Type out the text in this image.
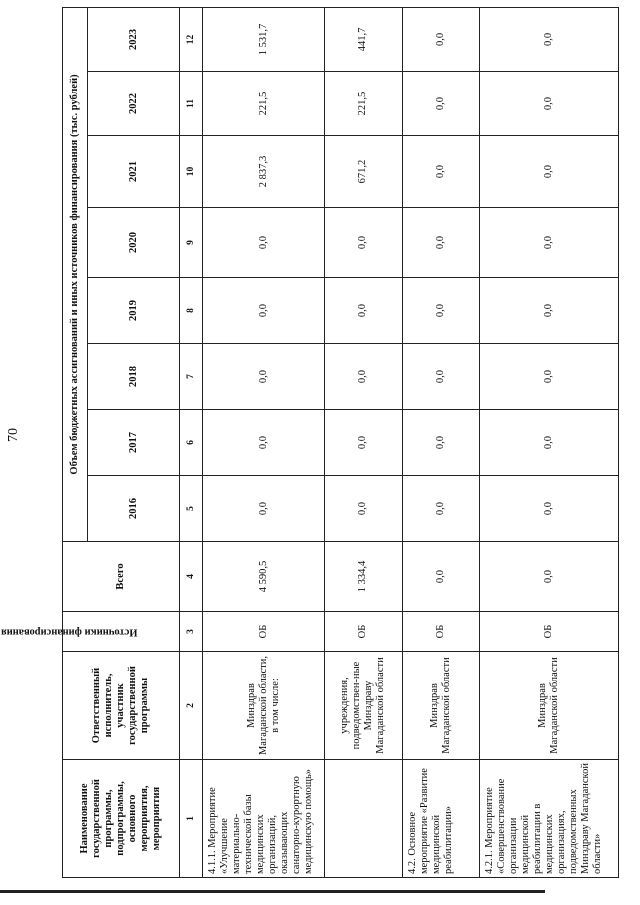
70
Наименование государственной программы, подпрограммы, основного мероприятия, мероприятия	Ответственный исполнитель, участник государственной программы	Источники финансирования	Всего	Объем бюджетных ассигнований и иных источников финансирования (тыс. рублей)							
				2016	2017	2018	2019	2020	2021	2022	2023
1	2	3	4	5	6	7	8	9	10	11	12
4.1.1. Мероприятие «Улучшение материально-технической базы медицинских организаций, оказывающих санаторно-курортную медицинскую помощь»	Минздрав Магаданской области, в том числе:	ОБ	4 590,5	0,0	0,0	0,0	0,0	0,0	2 837,3	221,5	1 531,7
	учреждения, подведомствен-ные Минздраву Магаданской области	ОБ	1 334,4	0,0	0,0	0,0	0,0	0,0	671,2	221,5	441,7
4.2. Основное мероприятие «Развитие медицинской реабилитации»	Минздрав Магаданской области	ОБ	0,0	0,0	0,0	0,0	0,0	0,0	0,0	0,0	0,0
4.2.1. Мероприятие «Совершенствование организации медицинской реабилитации в медицинских организациях, подведомственных Минздраву Магаданской области»	Минздрав Магаданской области	ОБ	0,0	0,0	0,0	0,0	0,0	0,0	0,0	0,0	0,0
